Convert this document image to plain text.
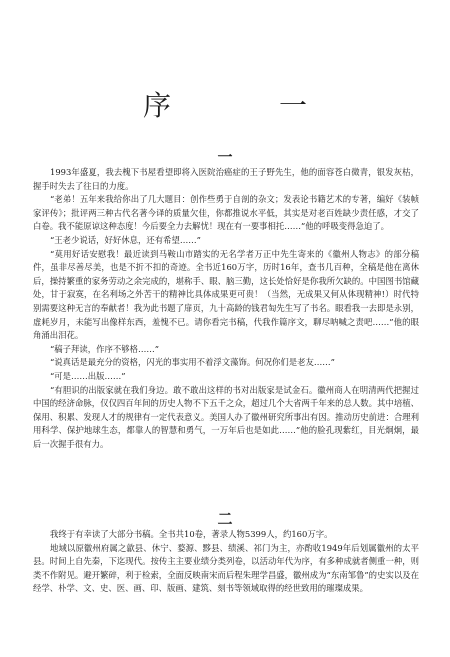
序　一
一

1993年盛夏，我去槐下书屋看望即将入医院治癌症的王子野先生，他的面容苍白微青，银发灰枯，握手时失去了往日的力度。

“老弟！五年来我给你出了几大题目：创作些勇于自剖的杂文；发表论书籍艺术的专著，编好《装帧家评传》；批评两三种古代名著今译的质量欠佳，你都推说水平低，其实是对老百姓缺少责任感，才交了白卷。我不能原谅这种态度！今后要全力去解忧！现在有一要事相托……”他的呼吸变得急迫了。

“王老少说话，好好休息，还有希望……”

“莫用好话安慰我！最近读到马鞍山市踏实的无名学者万正中先生寄来的《徽州人物志》的部分稿件，虽非尽善尽美，也是不折不扣的奇迹。全书近160万字，历时16年，查书几百种，全稿是他在离休后，操持繁重的家务劳动之余完成的，堪称手、眼、脑三勤，这长处恰好是你我所欠缺的。中国图书馆藏处，甘于寂寞，在名利场之外苦干的精神比具体成果更可贵！（当然，无成果又何从体现精神!）时代特别需要这种无言的奉献者！我为此书题了扉页，九十高龄的钱君匋先生写了书名。眼看我一去即是永别，虚耗岁月，未能写出像样东西，羞愧不已。请你看完书稿，代我作篇序文，聊尽呐喊之责吧……”他的眼角涌出泪花。

“稿子拜读，作序不够格……”

“说真话是最充分的资格，闪光的事实用不着浮文藻饰。何况你们是老友……”

“可是……出版……”

“有胆识的出版家就在我们身边。敢不敢出这样的书对出版家是试金石。徽州商人在明清两代把握过中国的经济命脉，仅仅四百年间的历史人物不下五千之众，超过几个大省两千年来的总人数。其中培植、保用、积累、发现人才的规律有一定代表意义。美国人办了徽州研究所事出有因。推动历史前进：合理利用科学、保护地球生态，都靠人的智慧和勇气，一万年后也是如此……”他的脸孔现紫红，目光炯炯，最后一次握手很有力。

二

我终于有幸读了大部分书稿。全书共10卷，著录人物5399人，约160万字。

地域以原徽州府属之歙县、休宁、婺源、黟县、绩溪、祁门为主，亦酌收1949年后划属徽州的太平县。时间上自先秦，下迄现代。按传主主要业绩分类列卷，以活动年代为序，有多种成就者侧重一种，则类不作附见。避开繁碎，利于检索，全面反映南宋而后程朱理学昌盛，徽州成为“东南邹鲁”的史实以及在经学、朴学、文、史、医、画、印、版画、建筑、刻书等领域取得的经世致用的璀璨成果。
